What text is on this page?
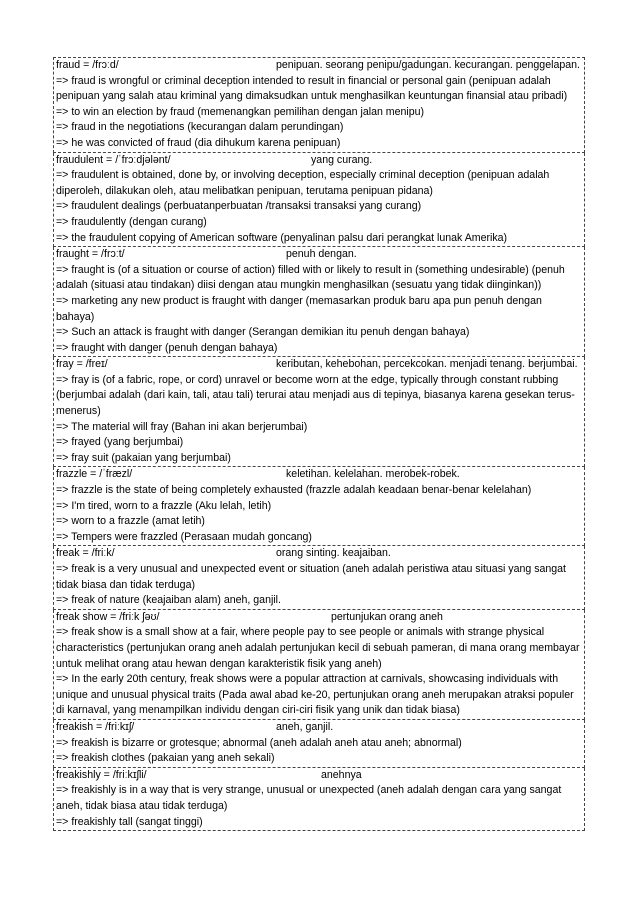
fraud = /frɔːd/	penipuan. seorang penipu/gadungan. kecurangan. penggelapan.
=> fraud is wrongful or criminal deception intended to result in financial or personal gain (penipuan adalah penipuan yang salah atau kriminal yang dimaksudkan untuk menghasilkan keuntungan finansial atau pribadi)
=> to win an election by fraud (memenangkan pemilihan dengan jalan menipu)
=> fraud in the negotiations (kecurangan dalam perundingan)
=> he was convicted of fraud (dia dihukum karena penipuan)
fraudulent = /ˈfrɔːdjələnt/	yang curang.
=> fraudulent is obtained, done by, or involving deception, especially criminal deception (penipuan adalah diperoleh, dilakukan oleh, atau melibatkan penipuan, terutama penipuan pidana)
=> fraudulent dealings (perbuatanperbuatan /transaksi transaksi yang curang)
=> fraudulently (dengan curang)
=> the fraudulent copying of American software (penyalinan palsu dari perangkat lunak Amerika)
fraught = /frɔːt/	penuh dengan.
=> fraught is (of a situation or course of action) filled with or likely to result in (something undesirable) (penuh adalah (situasi atau tindakan) diisi dengan atau mungkin menghasilkan (sesuatu yang tidak diinginkan))
=> marketing any new product is fraught with danger (memasarkan produk baru apa pun penuh dengan bahaya)
=> Such an attack is fraught with danger (Serangan demikian itu penuh dengan bahaya)
=> fraught with danger (penuh dengan bahaya)
fray = /freɪ/	keributan, kehebohan, percekcokan. menjadi tenang. berjumbai.
=> fray is (of a fabric, rope, or cord) unravel or become worn at the edge, typically through constant rubbing (berjumbai adalah (dari kain, tali, atau tali) terurai atau menjadi aus di tepinya, biasanya karena gesekan terus-menerus)
=> The material will fray (Bahan ini akan berjerumbai)
=> frayed (yang berjumbai)
=> fray suit (pakaian yang berjumbai)
frazzle = /ˈfræzl/	keletihan. kelelahan. merobek-robek.
=> frazzle is the state of being completely exhausted (frazzle adalah keadaan benar-benar kelelahan)
=> I'm tired, worn to a frazzle (Aku lelah, letih)
=> worn to a frazzle (amat letih)
=> Tempers were frazzled (Perasaan mudah goncang)
freak = /friːk/	orang sinting. keajaiban.
=> freak is a very unusual and unexpected event or situation (aneh adalah peristiwa atau situasi yang sangat tidak biasa dan tidak terduga)
=> freak of nature (keajaiban alam) aneh, ganjil.
freak show = /friːk ʃəʊ/	pertunjukan orang aneh
=> freak show is a small show at a fair, where people pay to see people or animals with strange physical characteristics (pertunjukan orang aneh adalah pertunjukan kecil di sebuah pameran, di mana orang membayar untuk melihat orang atau hewan dengan karakteristik fisik yang aneh)
=> In the early 20th century, freak shows were a popular attraction at carnivals, showcasing individuals with unique and unusual physical traits (Pada awal abad ke-20, pertunjukan orang aneh merupakan atraksi populer di karnaval, yang menampilkan individu dengan ciri-ciri fisik yang unik dan tidak biasa)
freakish = /friːkɪʃ/	aneh, ganjil.
=> freakish is bizarre or grotesque; abnormal (aneh adalah aneh atau aneh; abnormal)
=> freakish clothes (pakaian yang aneh sekali)
freakishly = /friːkɪʃli/	anehnya
=> freakishly is in a way that is very strange, unusual or unexpected (aneh adalah dengan cara yang sangat aneh, tidak biasa atau tidak terduga)
=> freakishly tall (sangat tinggi)
